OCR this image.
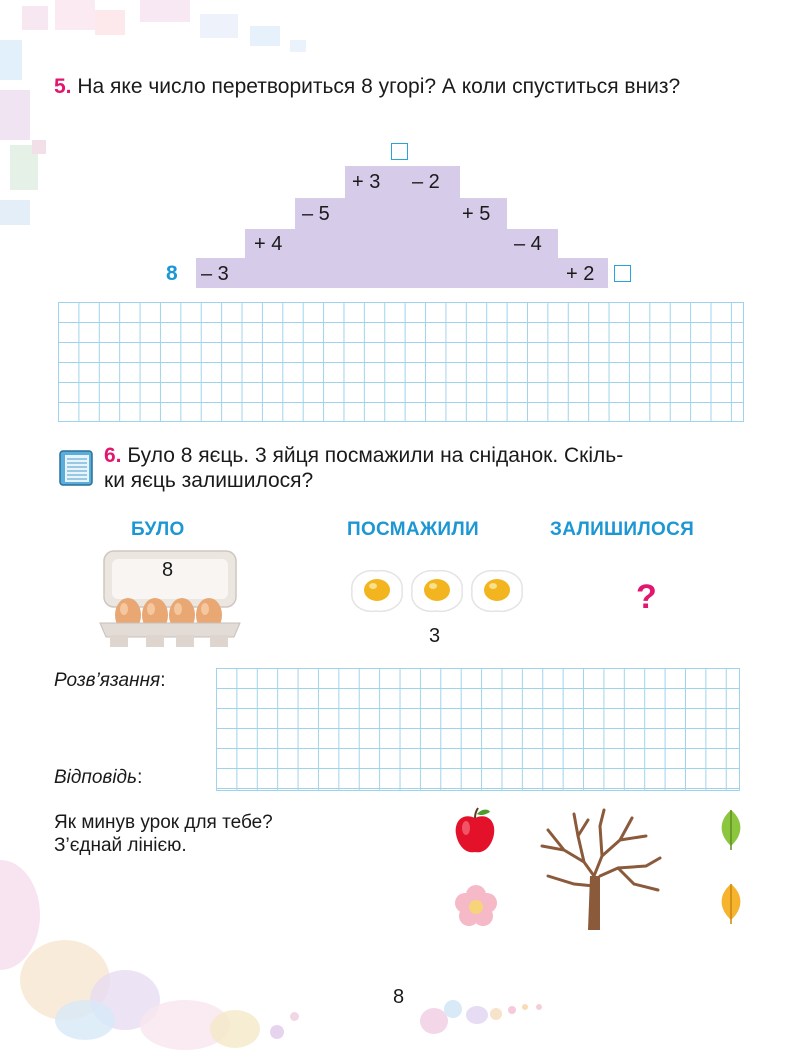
5. На яке число перетвориться 8 угорі? А коли спуститься вниз?
+ 3 – 2
– 5	+ 5
+ 4	– 4
8 – 3	+ 2
6. Було 8 яєць. 3 яйця посмажили на сніданок. Скіль-
ки яєць залишилося?
БУЛО	ПОСМАЖИЛИ	ЗАЛИШИЛОСЯ
8
3
?
Розв’язання:
Відповідь:
Як минув урок для тебе?
З’єднай лінією.
8
